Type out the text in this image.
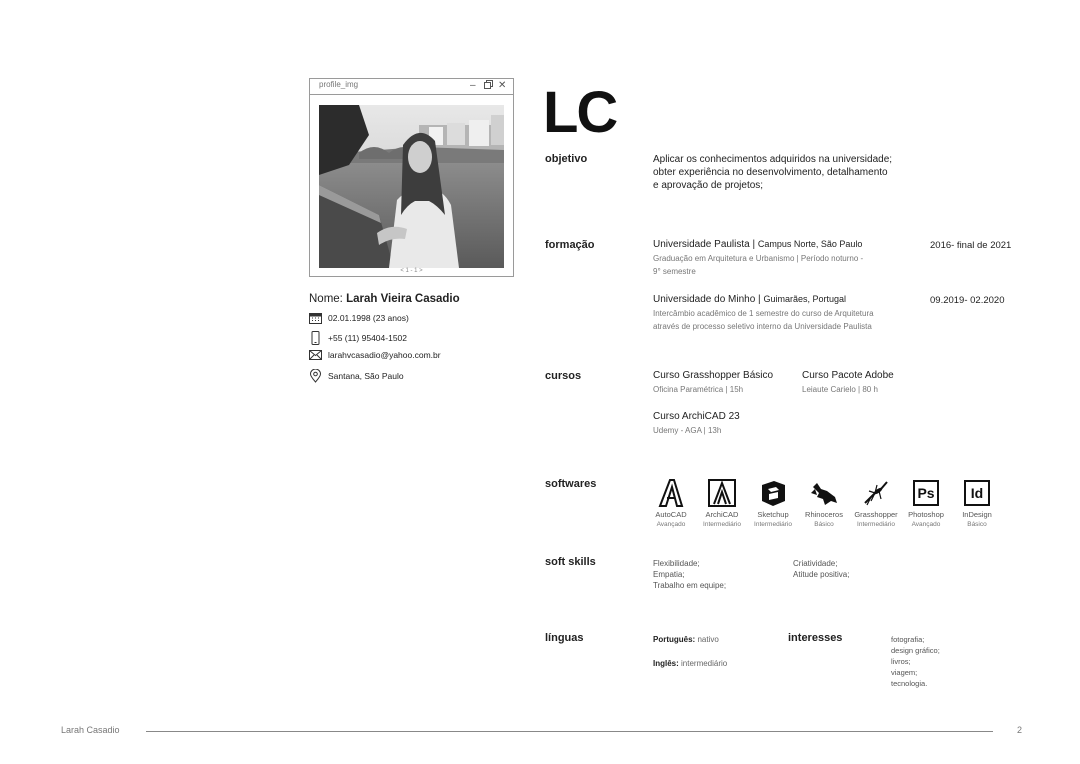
profile_img	– ✕
< 1 - 1 >
Nome: Larah Vieira Casadio
02.01.1998 (23 anos)
+55 (11) 95404-1502
larahvcasadio@yahoo.com.br
Santana, São Paulo
LC
objetivo	Aplicar os conhecimentos adquiridos na universidade;
obter experiência no desenvolvimento, detalhamento
e aprovação de projetos;
formação	Universidade Paulista | Campus Norte, São Paulo
Graduação em Arquitetura e Urbanismo | Período noturno -
9° semestre
2016- final de 2021
Universidade do Minho | Guimarães, Portugal
Intercâmbio acadêmico de 1 semestre do curso de Arquitetura
através de processo seletivo interno da Universidade Paulista
09.2019- 02.2020
cursos	Curso Grasshopper Básico
Oficina Paramétrica | 15h
Curso Pacote Adobe
Leiaute Carielo | 80 h
Curso ArchiCAD 23
Udemy - AGA | 13h
softwares
AutoCAD
Avançado
ArchiCAD
Intermediário
Sketchup
Intermediário
Rhinoceros
Básico
Grasshopper
Intermediário
Ps
Photoshop
Avançado
Id
InDesign
Básico
soft skills	Flexibilidade;
Empatia;
Trabalho em equipe;
Criatividade;
Atitude positiva;
línguas	Português: nativo
Inglês: intermediário
interesses	fotografia;
design gráfico;
livros;
viagem;
tecnologia.
Larah Casadio	2
